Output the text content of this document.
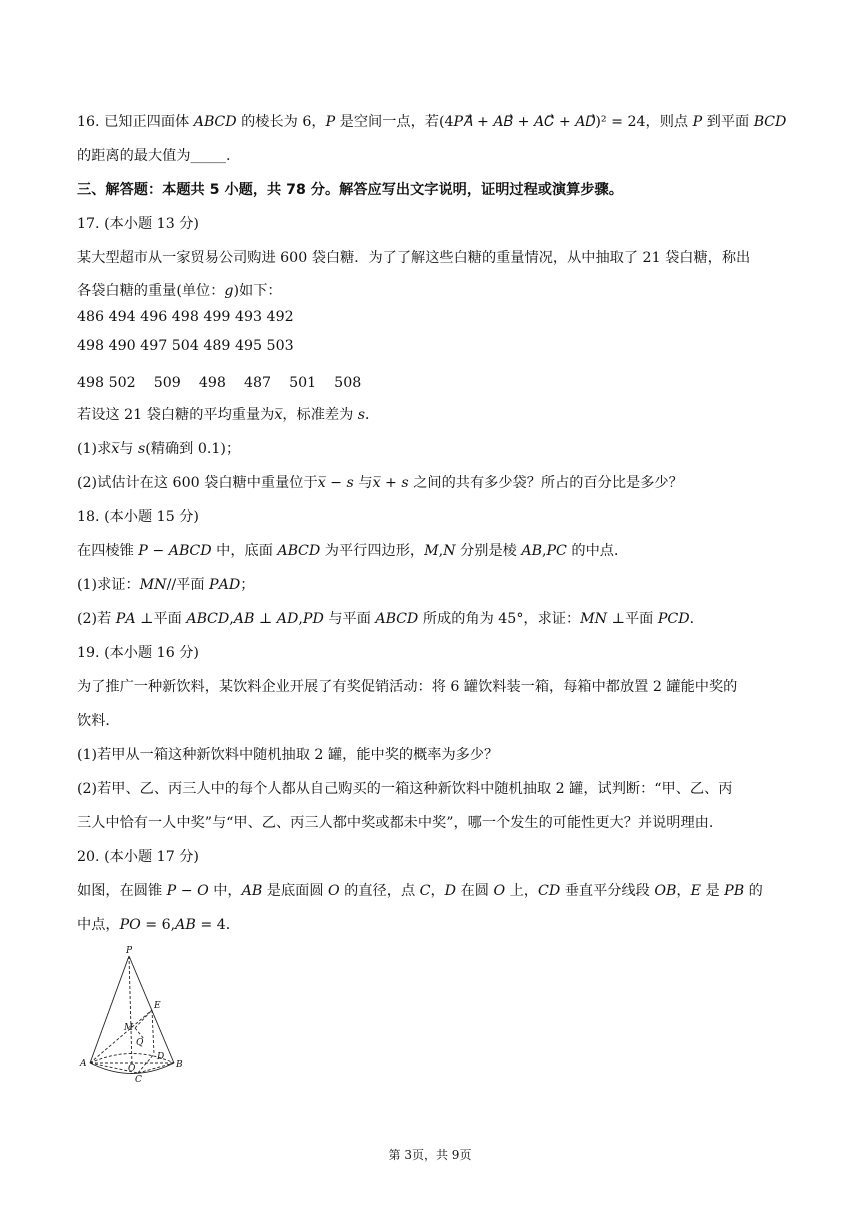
16. 已知正四面体 𝐴𝐵𝐶𝐷 的棱长为 6，𝑃 是空间一点，若(4𝑃𝐴⃗ + 𝐴𝐵⃗ + 𝐴𝐶⃗ + 𝐴𝐷⃗)² = 24，则点 𝑃 到平面 𝐵𝐶𝐷
的距离的最大值为_____.
三、解答题：本题共 5 小题，共 78 分。解答应写出文字说明，证明过程或演算步骤。
17. (本小题 13 分)
某大型超市从一家贸易公司购进 600 袋白糖．为了了解这些白糖的重量情况，从中抽取了 21 袋白糖，称出
各袋白糖的重量(单位：𝑔)如下：
486 494 496 498 499 493 492
498 490 497 504 489 495 503
498 502    509    498    487    501    508
若设这 21 袋白糖的平均重量为𝑥̅，标准差为 𝑠．
(1)求𝑥̅与 𝑠(精确到 0.1)；
(2)试估计在这 600 袋白糖中重量位于𝑥̅ − 𝑠 与𝑥̅ + 𝑠 之间的共有多少袋？所占的百分比是多少？
18. (本小题 15 分)
在四棱锥 𝑃 − 𝐴𝐵𝐶𝐷 中，底面 𝐴𝐵𝐶𝐷 为平行四边形，𝑀,𝑁 分别是棱 𝐴𝐵,𝑃𝐶 的中点．
(1)求证：𝑀𝑁//平面 𝑃𝐴𝐷；
(2)若 𝑃𝐴 ⊥平面 𝐴𝐵𝐶𝐷,𝐴𝐵 ⊥ 𝐴𝐷,𝑃𝐷 与平面 𝐴𝐵𝐶𝐷 所成的角为 45°，求证：𝑀𝑁 ⊥平面 𝑃𝐶𝐷．
19. (本小题 16 分)
为了推广一种新饮料，某饮料企业开展了有奖促销活动：将 6 罐饮料装一箱，每箱中都放置 2 罐能中奖的
饮料．
(1)若甲从一箱这种新饮料中随机抽取 2 罐，能中奖的概率为多少？
(2)若甲、乙、丙三人中的每个人都从自己购买的一箱这种新饮料中随机抽取 2 罐，试判断：“甲、乙、丙
三人中恰有一人中奖”与“甲、乙、丙三人都中奖或都未中奖”，哪一个发生的可能性更大？并说明理由.
20. (本小题 17 分)
如图，在圆锥 𝑃 − 𝑂 中，𝐴𝐵 是底面圆 𝑂 的直径，点 𝐶，𝐷 在圆 𝑂 上，𝐶𝐷 垂直平分线段 𝑂𝐵，𝐸 是 𝑃𝐵 的
中点，𝑃𝑂 = 6,𝐴𝐵 = 4．
P
E
M
Q
A
D
B
O
C
第 3页，共 9页
